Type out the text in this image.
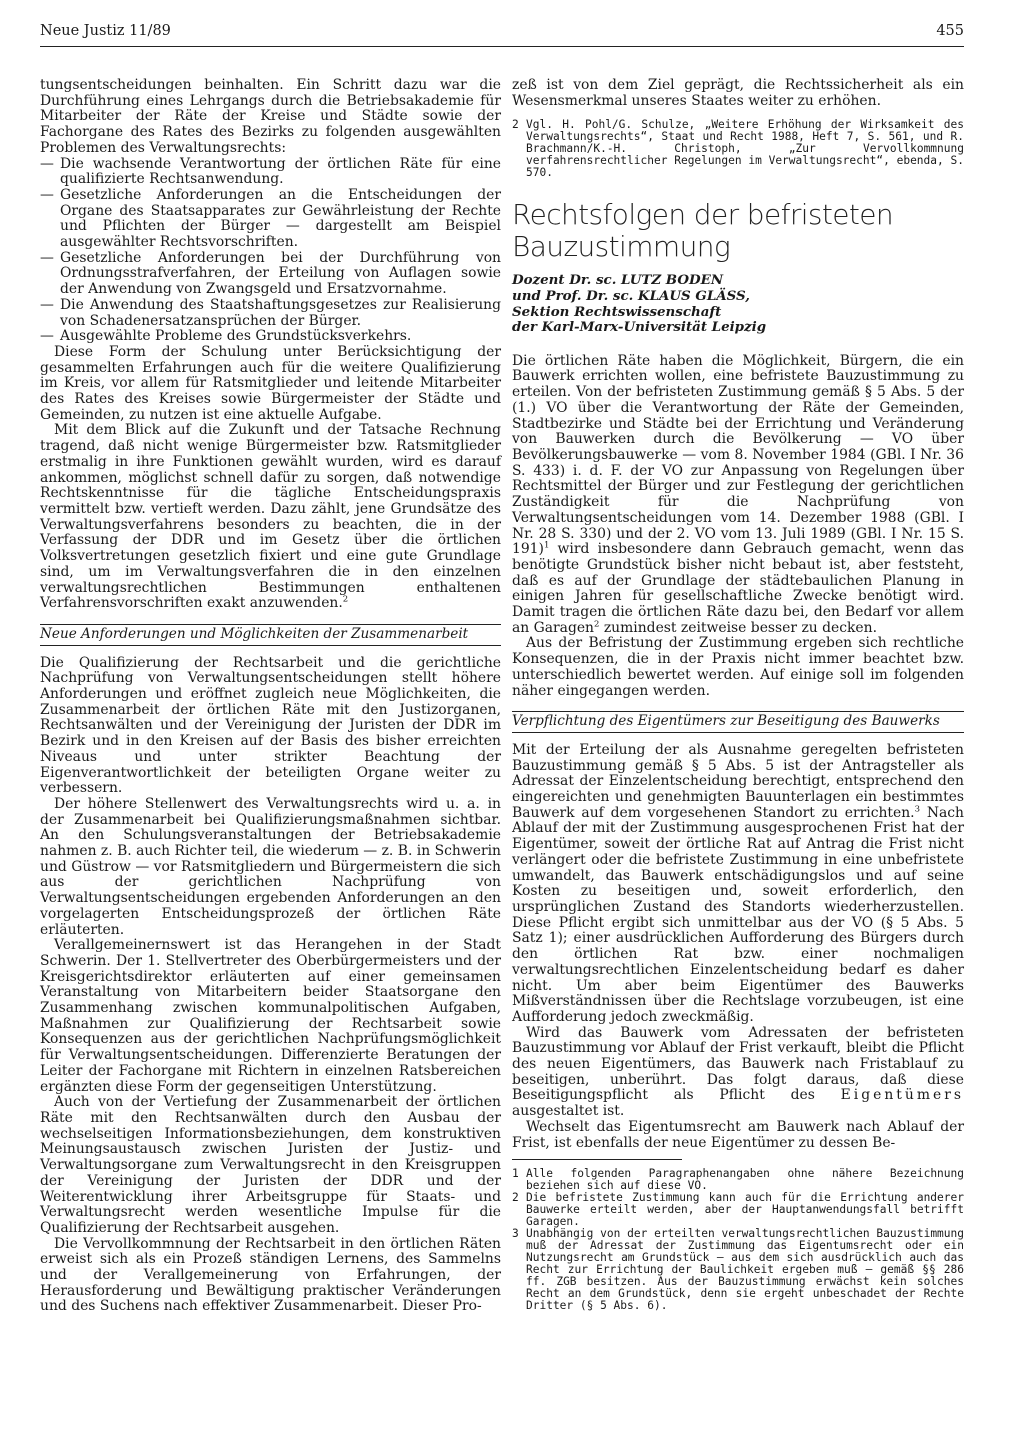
Neue Justiz 11/89	455

tungsentscheidungen beinhalten. Ein Schritt dazu war die Durchführung eines Lehrgangs durch die Betriebsakademie für Mitarbeiter der Räte der Kreise und Städte sowie der Fachorgane des Rates des Bezirks zu folgenden ausgewählten Problemen des Verwaltungsrechts:

— Die wachsende Verantwortung der örtlichen Räte für eine qualifizierte Rechtsanwendung.
— Gesetzliche Anforderungen an die Entscheidungen der Organe des Staatsapparates zur Gewährleistung der Rechte und Pflichten der Bürger — dargestellt am Beispiel ausgewählter Rechtsvorschriften.
— Gesetzliche Anforderungen bei der Durchführung von Ordnungsstrafverfahren, der Erteilung von Auflagen sowie der Anwendung von Zwangsgeld und Ersatzvornahme.
— Die Anwendung des Staatshaftungsgesetzes zur Realisierung von Schadenersatzansprüchen der Bürger.
— Ausgewählte Probleme des Grundstücksverkehrs.

Diese Form der Schulung unter Berücksichtigung der gesammelten Erfahrungen auch für die weitere Qualifizierung im Kreis, vor allem für Ratsmitglieder und leitende Mitarbeiter des Rates des Kreises sowie Bürgermeister der Städte und Gemeinden, zu nutzen ist eine aktuelle Aufgabe.

Mit dem Blick auf die Zukunft und der Tatsache Rechnung tragend, daß nicht wenige Bürgermeister bzw. Ratsmitglieder erstmalig in ihre Funktionen gewählt wurden, wird es darauf ankommen, möglichst schnell dafür zu sorgen, daß notwendige Rechtskenntnisse für die tägliche Entscheidungspraxis vermittelt bzw. vertieft werden. Dazu zählt, jene Grundsätze des Verwaltungsverfahrens besonders zu beachten, die in der Verfassung der DDR und im Gesetz über die örtlichen Volksvertretungen gesetzlich fixiert und eine gute Grundlage sind, um im Verwaltungsverfahren die in den einzelnen verwaltungsrechtlichen Bestimmungen enthaltenen Verfahrensvorschriften exakt anzuwenden.$^2$

Neue Anforderungen und Möglichkeiten der Zusammenarbeit

Die Qualifizierung der Rechtsarbeit und die gerichtliche Nachprüfung von Verwaltungsentscheidungen stellt höhere Anforderungen und eröffnet zugleich neue Möglichkeiten, die Zusammenarbeit der örtlichen Räte mit den Justizorganen, Rechtsanwälten und der Vereinigung der Juristen der DDR im Bezirk und in den Kreisen auf der Basis des bisher erreichten Niveaus und unter strikter Beachtung der Eigenverantwortlichkeit der beteiligten Organe weiter zu verbessern.

Der höhere Stellenwert des Verwaltungsrechts wird u. a. in der Zusammenarbeit bei Qualifizierungsmaßnahmen sichtbar. An den Schulungsveranstaltungen der Betriebsakademie nahmen z. B. auch Richter teil, die wiederum — z. B. in Schwerin und Güstrow — vor Ratsmitgliedern und Bürgermeistern die sich aus der gerichtlichen Nachprüfung von Verwaltungsentscheidungen ergebenden Anforderungen an den vorgelagerten Entscheidungsprozeß der örtlichen Räte erläuterten.

Verallgemeinernswert ist das Herangehen in der Stadt Schwerin. Der 1. Stellvertreter des Oberbürgermeisters und der Kreisgerichtsdirektor erläuterten auf einer gemeinsamen Veranstaltung von Mitarbeitern beider Staatsorgane den Zusammenhang zwischen kommunalpolitischen Aufgaben, Maßnahmen zur Qualifizierung der Rechtsarbeit sowie Konsequenzen aus der gerichtlichen Nachprüfungsmöglichkeit für Verwaltungsentscheidungen. Differenzierte Beratungen der Leiter der Fachorgane mit Richtern in einzelnen Ratsbereichen ergänzten diese Form der gegenseitigen Unterstützung.

Auch von der Vertiefung der Zusammenarbeit der örtlichen Räte mit den Rechtsanwälten durch den Ausbau der wechselseitigen Informationsbeziehungen, dem konstruktiven Meinungsaustausch zwischen Juristen der Justiz- und Verwaltungsorgane zum Verwaltungsrecht in den Kreisgruppen der Vereinigung der Juristen der DDR und der Weiterentwicklung ihrer Arbeitsgruppe für Staats- und Verwaltungsrecht werden wesentliche Impulse für die Qualifizierung der Rechtsarbeit ausgehen.

Die Vervollkommnung der Rechtsarbeit in den örtlichen Räten erweist sich als ein Prozeß ständigen Lernens, des Sammelns und der Verallgemeinerung von Erfahrungen, der Herausforderung und Bewältigung praktischer Veränderungen und des Suchens nach effektiver Zusammenarbeit. Dieser Pro-

zeß ist von dem Ziel geprägt, die Rechtssicherheit als ein Wesensmerkmal unseres Staates weiter zu erhöhen.

2 Vgl. H. Pohl/G. Schulze, „Weitere Erhöhung der Wirksamkeit des Verwaltungsrechts“, Staat und Recht 1988, Heft 7, S. 561, und R. Brachmann/K.-H. Christoph, „Zur Vervollkommnung verfahrensrechtlicher Regelungen im Verwaltungsrecht“, ebenda, S. 570.
Rechtsfolgen der befristeten
Bauzustimmung
Dozent Dr. sc. LUTZ BODEN
und Prof. Dr. sc. KLAUS GLÄSS,
Sektion Rechtswissenschaft
der Karl-Marx-Universität Leipzig

Die örtlichen Räte haben die Möglichkeit, Bürgern, die ein Bauwerk errichten wollen, eine befristete Bauzustimmung zu erteilen. Von der befristeten Zustimmung gemäß § 5 Abs. 5 der (1.) VO über die Verantwortung der Räte der Gemeinden, Stadtbezirke und Städte bei der Errichtung und Veränderung von Bauwerken durch die Bevölkerung — VO über Bevölkerungsbauwerke — vom 8. November 1984 (GBl. I Nr. 36 S. 433) i. d. F. der VO zur Anpassung von Regelungen über Rechtsmittel der Bürger und zur Festlegung der gerichtlichen Zuständigkeit für die Nachprüfung von Verwaltungsentscheidungen vom 14. Dezember 1988 (GBl. I Nr. 28 S. 330) und der 2. VO vom 13. Juli 1989 (GBl. I Nr. 15 S. 191)$^1$ wird insbesondere dann Gebrauch gemacht, wenn das benötigte Grundstück bisher nicht bebaut ist, aber feststeht, daß es auf der Grundlage der städtebaulichen Planung in einigen Jahren für gesellschaftliche Zwecke benötigt wird. Damit tragen die örtlichen Räte dazu bei, den Bedarf vor allem an Garagen$^2$ zumindest zeitweise besser zu decken.

Aus der Befristung der Zustimmung ergeben sich rechtliche Konsequenzen, die in der Praxis nicht immer beachtet bzw. unterschiedlich bewertet werden. Auf einige soll im folgenden näher eingegangen werden.

Verpflichtung des Eigentümers zur Beseitigung des Bauwerks

Mit der Erteilung der als Ausnahme geregelten befristeten Bauzustimmung gemäß § 5 Abs. 5 ist der Antragsteller als Adressat der Einzelentscheidung berechtigt, entsprechend den eingereichten und genehmigten Bauunterlagen ein bestimmtes Bauwerk auf dem vorgesehenen Standort zu errichten.$^3$ Nach Ablauf der mit der Zustimmung ausgesprochenen Frist hat der Eigentümer, soweit der örtliche Rat auf Antrag die Frist nicht verlängert oder die befristete Zustimmung in eine unbefristete umwandelt, das Bauwerk entschädigungslos und auf seine Kosten zu beseitigen und, soweit erforderlich, den ursprünglichen Zustand des Standorts wiederherzustellen. Diese Pflicht ergibt sich unmittelbar aus der VO (§ 5 Abs. 5 Satz 1); einer ausdrücklichen Aufforderung des Bürgers durch den örtlichen Rat bzw. einer nochmaligen verwaltungsrechtlichen Einzelentscheidung bedarf es daher nicht. Um aber beim Eigentümer des Bauwerks Mißverständnissen über die Rechtslage vorzubeugen, ist eine Aufforderung jedoch zweckmäßig.

Wird das Bauwerk vom Adressaten der befristeten Bauzustimmung vor Ablauf der Frist verkauft, bleibt die Pflicht des neuen Eigentümers, das Bauwerk nach Fristablauf zu beseitigen, unberührt. Das folgt daraus, daß diese Beseitigungspflicht als Pflicht des Eigentümers ausgestaltet ist.

Wechselt das Eigentumsrecht am Bauwerk nach Ablauf der Frist, ist ebenfalls der neue Eigentümer zu dessen Be-

1 Alle folgenden Paragraphenangaben ohne nähere Bezeichnung beziehen sich auf diese VO.
2 Die befristete Zustimmung kann auch für die Errichtung anderer Bauwerke erteilt werden, aber der Hauptanwendungsfall betrifft Garagen.
3 Unabhängig von der erteilten verwaltungsrechtlichen Bauzustimmung muß der Adressat der Zustimmung das Eigentumsrecht oder ein Nutzungsrecht am Grundstück — aus dem sich ausdrücklich auch das Recht zur Errichtung der Baulichkeit ergeben muß — gemäß §§ 286 ff. ZGB besitzen. Aus der Bauzustimmung erwächst kein solches Recht an dem Grundstück, denn sie ergeht unbeschadet der Rechte Dritter (§ 5 Abs. 6).
